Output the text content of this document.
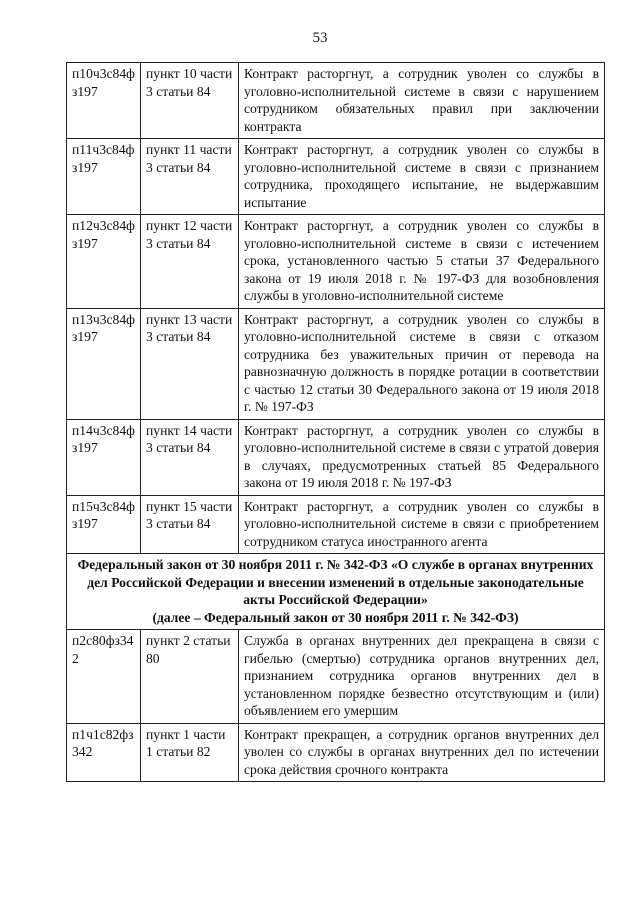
53
п10ч3с84ф з197	пункт 10 части 3 статьи 84	Контракт расторгнут, а сотрудник уволен со службы в уголовно-исполнительной системе в связи с нарушением сотрудником обязательных правил при заключении контракта
п11ч3с84ф з197	пункт 11 части 3 статьи 84	Контракт расторгнут, а сотрудник уволен со службы в уголовно-исполнительной системе в связи с признанием сотрудника, проходящего испытание, не выдержавшим испытание
п12ч3с84ф з197	пункт 12 части 3 статьи 84	Контракт расторгнут, а сотрудник уволен со службы в уголовно-исполнительной системе в связи с истечением срока, установленного частью 5 статьи 37 Федерального закона от 19 июля 2018 г. № 197-ФЗ для возобновления службы в уголовно-исполнительной системе
п13ч3с84ф з197	пункт 13 части 3 статьи 84	Контракт расторгнут, а сотрудник уволен со службы в уголовно-исполнительной системе в связи с отказом сотрудника без уважительных причин от перевода на равнозначную должность в порядке ротации в соответствии с частью 12 статьи 30 Федерального закона от 19 июля 2018 г. № 197-ФЗ
п14ч3с84ф з197	пункт 14 части 3 статьи 84	Контракт расторгнут, а сотрудник уволен со службы в уголовно-исполнительной системе в связи с утратой доверия в случаях, предусмотренных статьей 85 Федерального закона от 19 июля 2018 г. № 197-ФЗ
п15ч3с84ф з197	пункт 15 части 3 статьи 84	Контракт расторгнут, а сотрудник уволен со службы в уголовно-исполнительной системе в связи с приобретением сотрудником статуса иностранного агента

Федеральный закон от 30 ноября 2011 г. № 342-ФЗ «О службе в органах внутренних дел Российской Федерации и внесении изменений в отдельные законодательные акты Российской Федерации»
(далее – Федеральный закон от 30 ноября 2011 г. № 342-ФЗ)		

п2с80фз34 2	пункт 2 статьи 80	Служба в органах внутренних дел прекращена в связи с гибелью (смертью) сотрудника органов внутренних дел, признанием сотрудника органов внутренних дел в установленном порядке безвестно отсутствующим и (или) объявлением его умершим
п1ч1с82фз 342	пункт 1 части 1 статьи 82	Контракт прекращен, а сотрудник органов внутренних дел уволен со службы в органах внутренних дел по истечении срока действия срочного контракта
